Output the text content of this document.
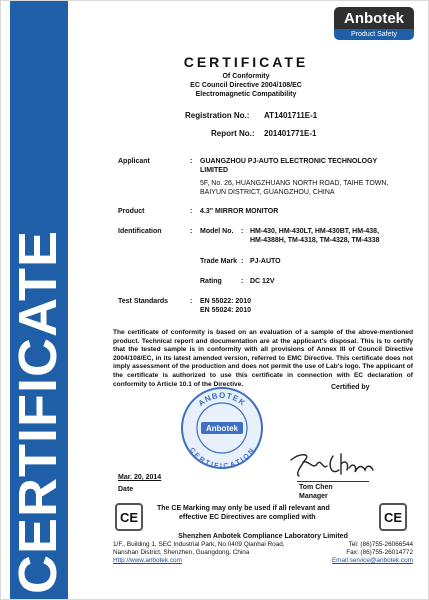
CERTIFICATE
Anbotek
Product Safety
CERTIFICATE
Of Conformity
EC Council Directive 2004/108/EC
Electromagnetic Compatibility
Registration No.: AT1401711E-1
Report No.: 201401771E-1
Applicant	: GUANGZHOU PJ-AUTO ELECTRONIC TECHNOLOGY
LIMITED
5F, No. 26, HUANGZHUANG NORTH ROAD, TAIHE TOWN,
BAIYUN DISTRICT, GUANGZHOU, CHINA
Product	: 4.3" MIRROR MONITOR
Identification	: Model No. : HM-430, HM-430LT, HM-430BT, HM-438,
HM-4388H, TM-4318, TM-4328, TM-4338
Trade Mark : PJ-AUTO
Rating	: DC 12V
Test Standards	: EN 55022: 2010
EN 55024: 2010
The certificate of conformity is based on an evaluation of a sample of the above-mentioned product. Technical report and documentation are at the applicant's disposal. This is to certify that the tested sample is in conformity with all provisions of Annex III of Council Directive 2004/108/EC, in its latest amended version, referred to EMC Directive. This certificate does not imply assessment of the production and does not permit the use of Lab's logo. The applicant of the certificate is authorized to use this certificate in connection with EC declaration of conformity to Article 10.1 of the Directive.	Certified by
ANBOTEK
CERTIFICATION
Anbotek
Mar. 20, 2014
Date	Tom Chen
Manager
CE	CE
The CE Marking may only be used if all relevant and
effective EC Directives are complied with
Shenzhen Anbotek Compliance Laboratory Limited
1/F., Building 1, SEC Industrial Park, No.0409 Qianhai Road,	Tel: (86)755-26066544
Nanshan District, Shenzhen, Guangdong, China	Fax: (86)755-26014772
Http://www.anbotek.com	Email:service@anbotek.com
